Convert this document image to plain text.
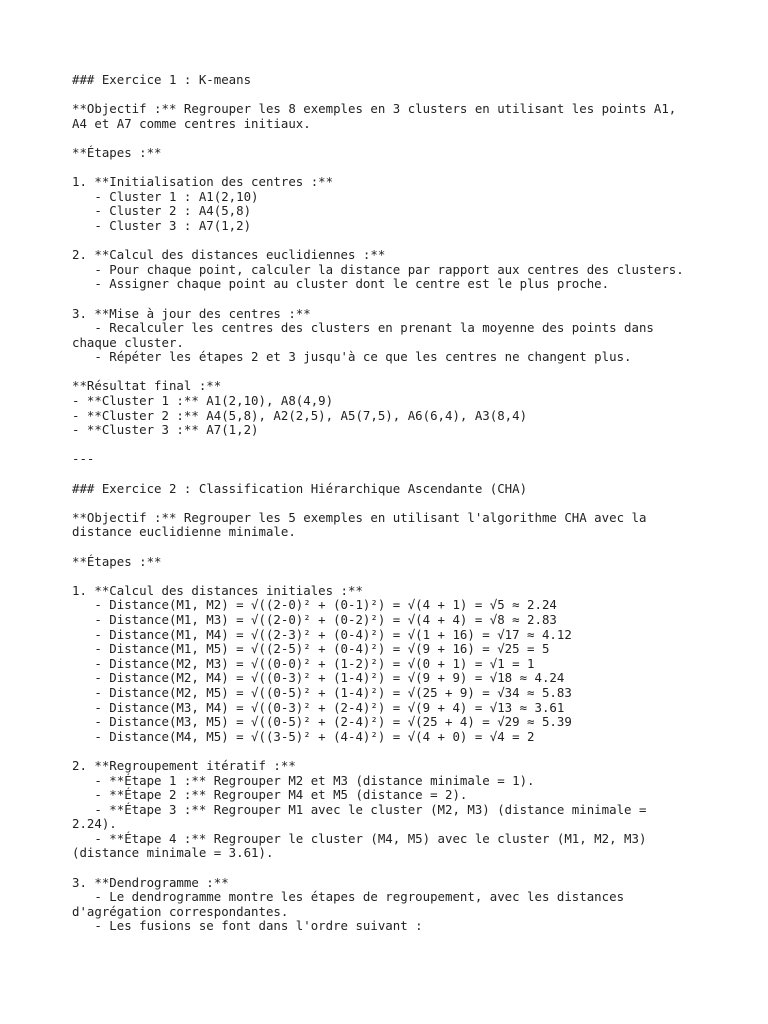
### Exercice 1 : K-means
**Objectif :** Regrouper les 8 exemples en 3 clusters en utilisant les points A1,
A4 et A7 comme centres initiaux.
**Étapes :**
1. **Initialisation des centres :**
- Cluster 1 : A1(2,10)
- Cluster 2 : A4(5,8)
- Cluster 3 : A7(1,2)
2. **Calcul des distances euclidiennes :**
- Pour chaque point, calculer la distance par rapport aux centres des clusters.
- Assigner chaque point au cluster dont le centre est le plus proche.
3. **Mise à jour des centres :**
- Recalculer les centres des clusters en prenant la moyenne des points dans
chaque cluster.
- Répéter les étapes 2 et 3 jusqu'à ce que les centres ne changent plus.
**Résultat final :**
- **Cluster 1 :** A1(2,10), A8(4,9)
- **Cluster 2 :** A4(5,8), A2(2,5), A5(7,5), A6(6,4), A3(8,4)
- **Cluster 3 :** A7(1,2)
---
### Exercice 2 : Classification Hiérarchique Ascendante (CHA)
**Objectif :** Regrouper les 5 exemples en utilisant l'algorithme CHA avec la
distance euclidienne minimale.
**Étapes :**
1. **Calcul des distances initiales :**
- Distance(M1, M2) = √((2-0)² + (0-1)²) = √(4 + 1) = √5 ≈ 2.24
- Distance(M1, M3) = √((2-0)² + (0-2)²) = √(4 + 4) = √8 ≈ 2.83
- Distance(M1, M4) = √((2-3)² + (0-4)²) = √(1 + 16) = √17 ≈ 4.12
- Distance(M1, M5) = √((2-5)² + (0-4)²) = √(9 + 16) = √25 = 5
- Distance(M2, M3) = √((0-0)² + (1-2)²) = √(0 + 1) = √1 = 1
- Distance(M2, M4) = √((0-3)² + (1-4)²) = √(9 + 9) = √18 ≈ 4.24
- Distance(M2, M5) = √((0-5)² + (1-4)²) = √(25 + 9) = √34 ≈ 5.83
- Distance(M3, M4) = √((0-3)² + (2-4)²) = √(9 + 4) = √13 ≈ 3.61
- Distance(M3, M5) = √((0-5)² + (2-4)²) = √(25 + 4) = √29 ≈ 5.39
- Distance(M4, M5) = √((3-5)² + (4-4)²) = √(4 + 0) = √4 = 2
2. **Regroupement itératif :**
- **Étape 1 :** Regrouper M2 et M3 (distance minimale = 1).
- **Étape 2 :** Regrouper M4 et M5 (distance = 2).
- **Étape 3 :** Regrouper M1 avec le cluster (M2, M3) (distance minimale =
2.24).
- **Étape 4 :** Regrouper le cluster (M4, M5) avec le cluster (M1, M2, M3)
(distance minimale = 3.61).
3. **Dendrogramme :**
- Le dendrogramme montre les étapes de regroupement, avec les distances
d'agrégation correspondantes.
- Les fusions se font dans l'ordre suivant :
